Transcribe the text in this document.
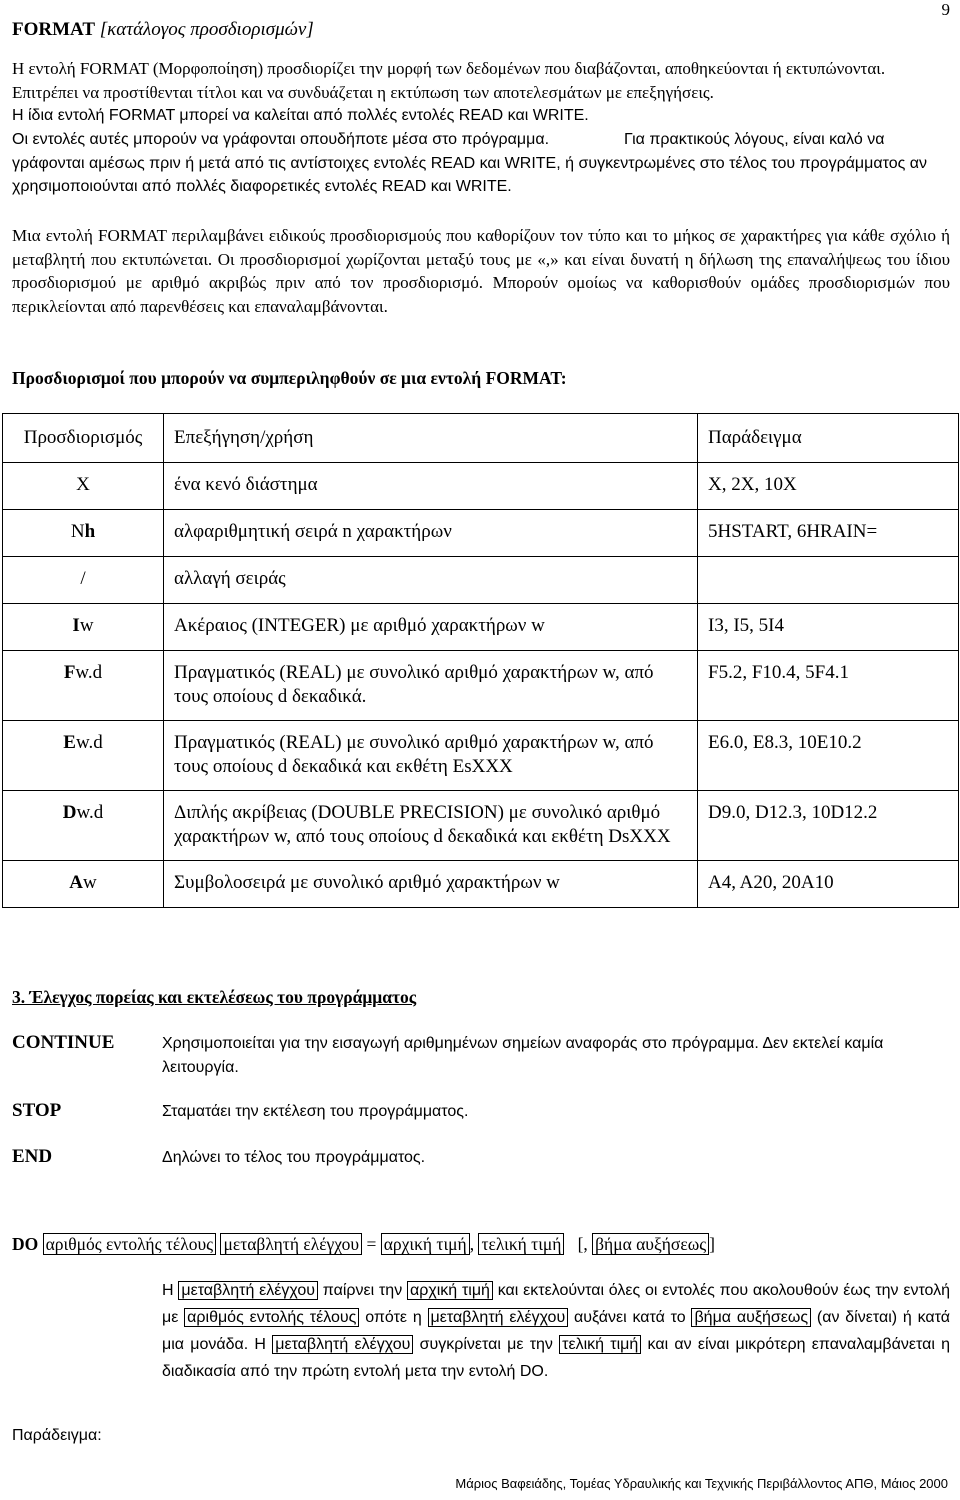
9
FORMAT [κατάλογος προσδιορισμών]

Η εντολή FORMAT (Μορφοποίηση) προσδιορίζει την μορφή των δεδομένων που διαβάζονται, αποθηκεύονται ή εκτυπώνονται. Επιτρέπει να προστίθενται τίτλοι και να συνδυάζεται η εκτύπωση των αποτελεσμάτων με επεξηγήσεις.

Η ίδια εντολή FORMAT μπορεί να καλείται από πολλές εντολές READ και WRITE.

Οι εντολές αυτές μπορούν να γράφονται οπουδήποτε μέσα στο πρόγραμμα.	Για πρακτικούς λόγους, είναι καλό να γράφονται αμέσως πριν ή μετά από τις αντίστοιχες εντολές READ και WRITE, ή συγκεντρωμένες στο τέλος του προγράμματος αν χρησιμοποιούνται από πολλές διαφορετικές εντολές READ και WRITE.

Μια εντολή FORMAT περιλαμβάνει ειδικούς προσδιορισμούς που καθορίζουν τον τύπο και το μήκος σε χαρακτήρες για κάθε σχόλιο ή μεταβλητή που εκτυπώνεται. Οι προσδιορισμοί χωρίζονται μεταξύ τους με «,» και είναι δυνατή η δήλωση της επαναλήψεως του ίδιου προσδιορισμού με αριθμό ακριβώς πριν από τον προσδιορισμό. Μπορούν ομοίως να καθορισθούν ομάδες προσδιορισμών που περικλείονται από παρενθέσεις και επαναλαμβάνονται.

Προσδιορισμοί που μπορούν να συμπεριληφθούν σε μια εντολή FORMAT:
Προσδιορισμός	Επεξήγηση/χρήση	Παράδειγμα
X	ένα κενό διάστημα	X, 2X, 10X
Nh	αλφαριθμητική σειρά n χαρακτήρων	5HSTART, 6HRAIN=
/	αλλαγή σειράς	
Iw	Ακέραιος (INTEGER) με αριθμό χαρακτήρων w	I3, I5, 5I4
Fw.d	Πραγματικός (REAL) με συνολικό αριθμό χαρακτήρων w, από τους οποίους d δεκαδικά.	F5.2, F10.4, 5F4.1
Ew.d	Πραγματικός (REAL) με συνολικό αριθμό χαρακτήρων w, από τους οποίους d δεκαδικά και εκθέτη EsXXX	E6.0, E8.3, 10E10.2
Dw.d	Διπλής ακρίβειας (DOUBLE PRECISION) με συνολικό αριθμό χαρακτήρων w, από τους οποίους d δεκαδικά και εκθέτη DsXXX	D9.0, D12.3, 10D12.2
Aw	Συμβολοσειρά με συνολικό αριθμό χαρακτήρων w	A4, A20, 20A10
3. Έλεγχος πορείας και εκτελέσεως του προγράμματος
CONTINUE	Χρησιμοποιείται για την εισαγωγή αριθμημένων σημείων αναφοράς στο πρόγραμμα. Δεν εκτελεί καμία λειτουργία.
STOP	Σταματάει την εκτέλεση του προγράμματος.
END	Δηλώνει το τέλος του προγράμματος.
DO αριθμός εντολής τέλους μεταβλητή ελέγχου = αρχική τιμή , τελική τιμή [, βήμα αυξήσεως ]

Η μεταβλητή ελέγχου παίρνει την αρχική τιμή και εκτελούνται όλες οι εντολές που ακολουθούν έως την εντολή με αριθμός εντολής τέλους οπότε η μεταβλητή ελέγχου αυξάνει κατά το βήμα αυξήσεως (αν δίνεται) ή κατά μια μονάδα. Η μεταβλητή ελέγχου συγκρίνεται με την τελική τιμή και αν είναι μικρότερη επαναλαμβάνεται η διαδικασία από την πρώτη εντολή μετα την εντολή DO.

Παράδειγμα:
Μάριος Βαφειάδης, Τομέας Υδραυλικής και Τεχνικής Περιβάλλοντος ΑΠΘ, Μάιος 2000
